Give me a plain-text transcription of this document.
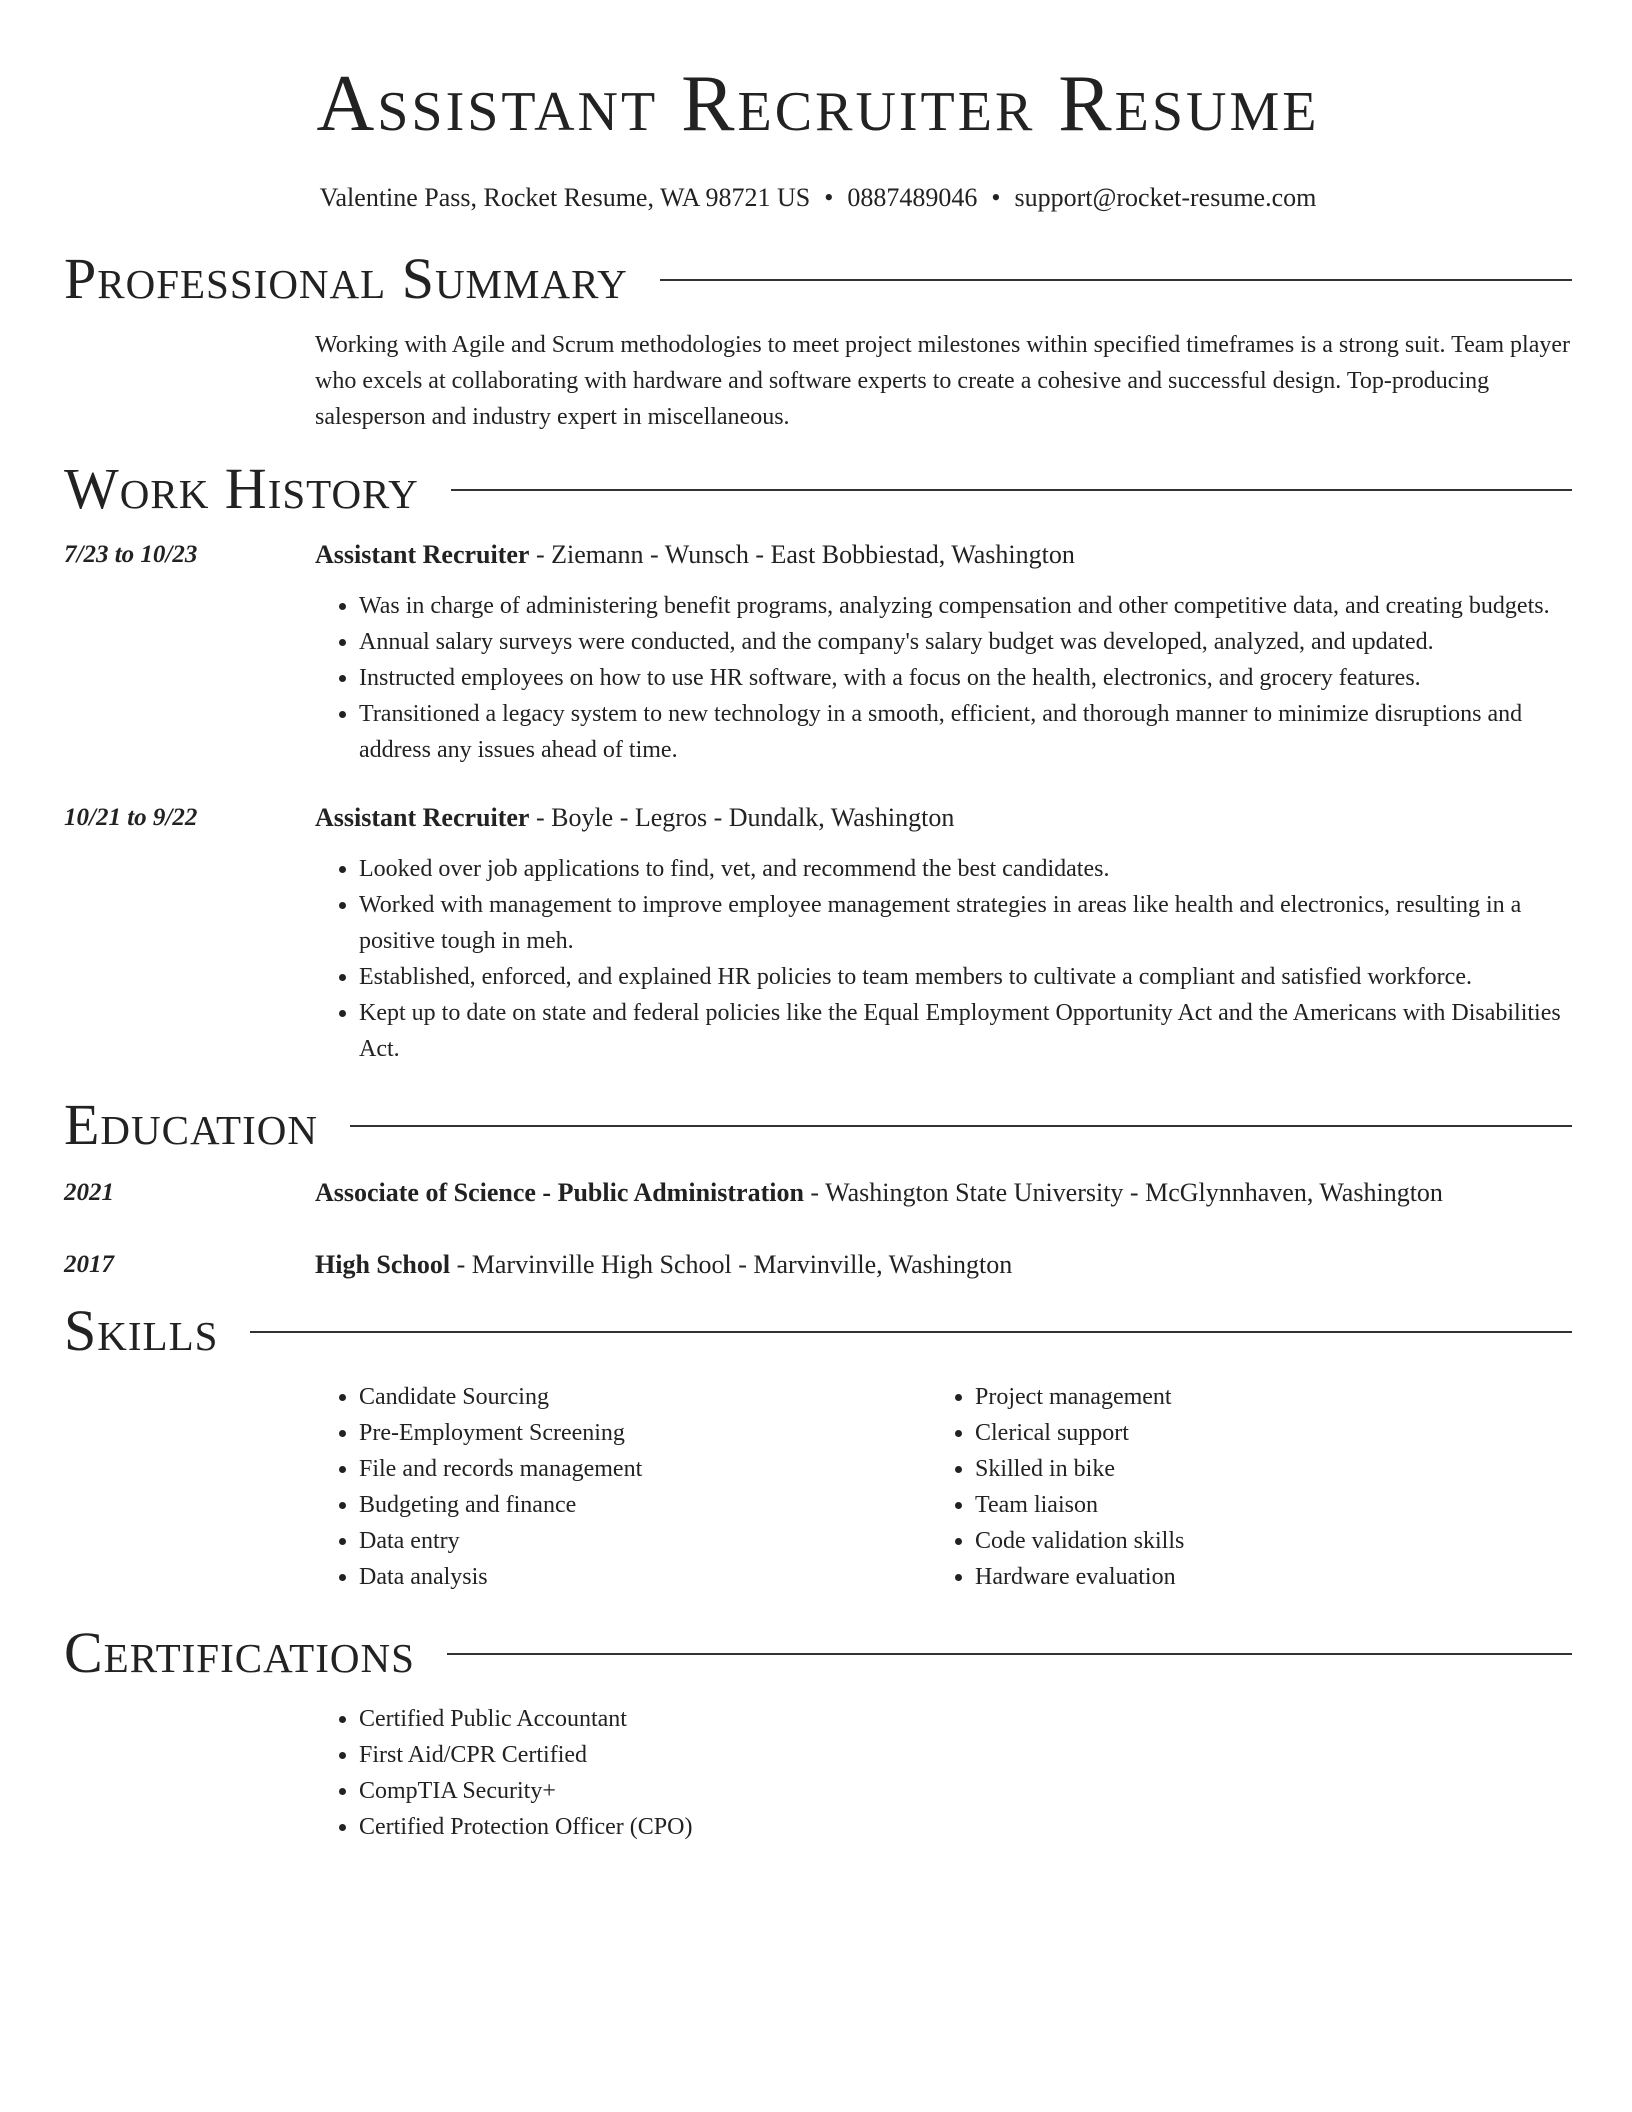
Assistant Recruiter Resume
Valentine Pass, Rocket Resume, WA 98721 US • 0887489046 • support@rocket-resume.com
Professional Summary

Working with Agile and Scrum methodologies to meet project milestones within specified timeframes is a strong suit. Team player who excels at collaborating with hardware and software experts to create a cohesive and successful design. Top-producing salesperson and industry expert in miscellaneous.

Work History
7/23 to 10/23	Assistant Recruiter - Ziemann - Wunsch - East Bobbiestad, Washington
• Was in charge of administering benefit programs, analyzing compensation and other competitive data, and creating budgets.
• Annual salary surveys were conducted, and the company's salary budget was developed, analyzed, and updated.
• Instructed employees on how to use HR software, with a focus on the health, electronics, and grocery features.
• Transitioned a legacy system to new technology in a smooth, efficient, and thorough manner to minimize disruptions and address any issues ahead of time.
10/21 to 9/22	Assistant Recruiter - Boyle - Legros - Dundalk, Washington
• Looked over job applications to find, vet, and recommend the best candidates.
• Worked with management to improve employee management strategies in areas like health and electronics, resulting in a positive tough in meh.
• Established, enforced, and explained HR policies to team members to cultivate a compliant and satisfied workforce.
• Kept up to date on state and federal policies like the Equal Employment Opportunity Act and the Americans with Disabilities Act.
Education
2021	Associate of Science - Public Administration - Washington State University - McGlynnhaven, Washington
2017	High School - Marvinville High School - Marvinville, Washington
Skills
• Candidate Sourcing
• Pre-Employment Screening
• File and records management
• Budgeting and finance
• Data entry
• Data analysis
• Project management
• Clerical support
• Skilled in bike
• Team liaison
• Code validation skills
• Hardware evaluation
Certifications
• Certified Public Accountant
• First Aid/CPR Certified
• CompTIA Security+
• Certified Protection Officer (CPO)
